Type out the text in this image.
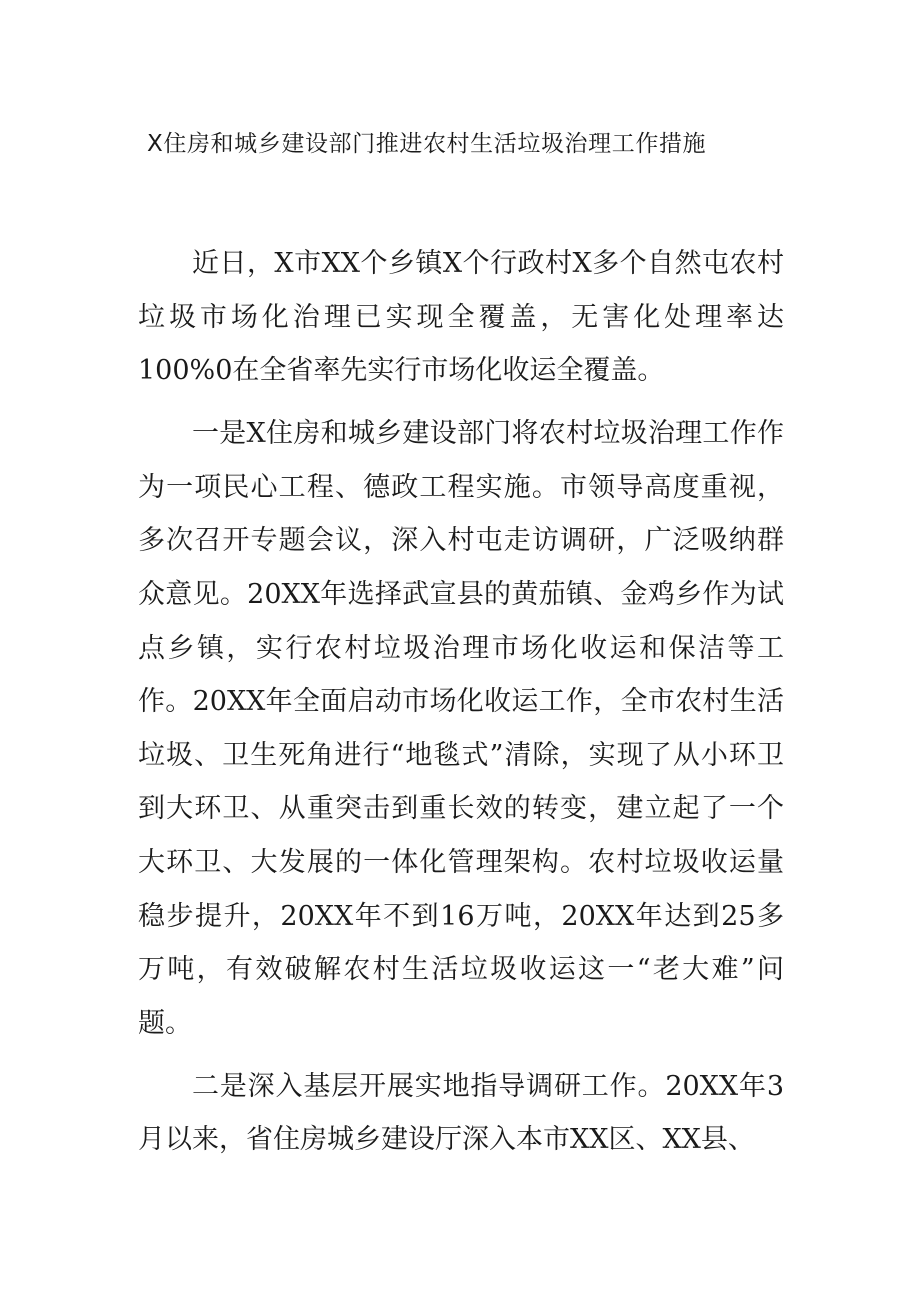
X住房和城乡建设部门推进农村生活垃圾治理工作措施

近日，X市XX个乡镇X个行政村X多个自然屯农村垃圾市场化治理已实现全覆盖，无害化处理率达100%0在全省率先实行市场化收运全覆盖。

一是X住房和城乡建设部门将农村垃圾治理工作作为一项民心工程、德政工程实施。市领导高度重视，多次召开专题会议，深入村屯走访调研，广泛吸纳群众意见。20XX年选择武宣县的黄茄镇、金鸡乡作为试点乡镇，实行农村垃圾治理市场化收运和保洁等工作。20XX年全面启动市场化收运工作，全市农村生活垃圾、卫生死角进行“地毯式”清除，实现了从小环卫到大环卫、从重突击到重长效的转变，建立起了一个大环卫、大发展的一体化管理架构。农村垃圾收运量稳步提升，20XX年不到16万吨，20XX年达到25多万吨，有效破解农村生活垃圾收运这一“老大难”问题。

二是深入基层开展实地指导调研工作。20XX年3月以来，省住房城乡建设厅深入本市XX区、XX县、
